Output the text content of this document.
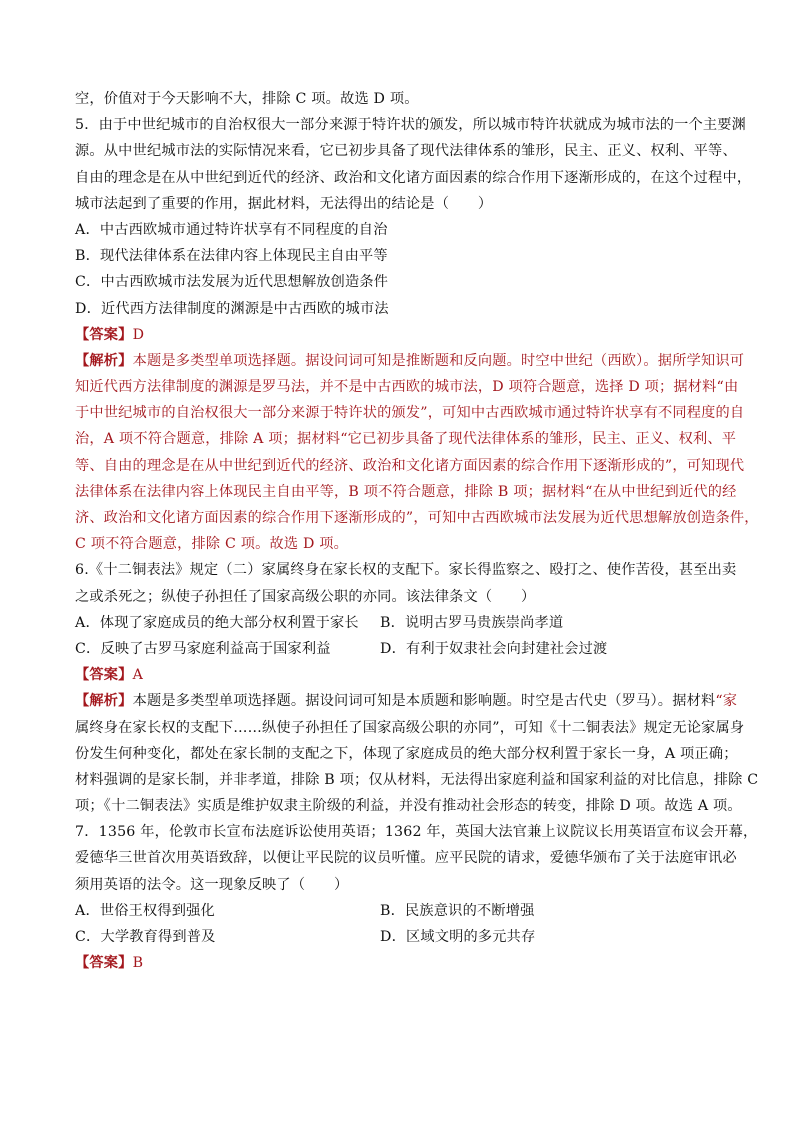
空，价值对于今天影响不大，排除 C 项。故选 D 项。
5．由于中世纪城市的自治权很大一部分来源于特许状的颁发，所以城市特许状就成为城市法的一个主要渊
源。从中世纪城市法的实际情况来看，它已初步具备了现代法律体系的雏形，民主、正义、权利、平等、
自由的理念是在从中世纪到近代的经济、政治和文化诸方面因素的综合作用下逐渐形成的，在这个过程中，
城市法起到了重要的作用，据此材料，无法得出的结论是（　　）
A．中古西欧城市通过特许状享有不同程度的自治
B．现代法律体系在法律内容上体现民主自由平等
C．中古西欧城市法发展为近代思想解放创造条件
D．近代西方法律制度的渊源是中古西欧的城市法
【答案】D
【解析】本题是多类型单项选择题。据设问词可知是推断题和反向题。时空中世纪（西欧）。据所学知识可
知近代西方法律制度的渊源是罗马法，并不是中古西欧的城市法，D 项符合题意，选择 D 项；据材料“由
于中世纪城市的自治权很大一部分来源于特许状的颁发”，可知中古西欧城市通过特许状享有不同程度的自
治，A 项不符合题意，排除 A 项；据材料“它已初步具备了现代法律体系的雏形，民主、正义、权利、平
等、自由的理念是在从中世纪到近代的经济、政治和文化诸方面因素的综合作用下逐渐形成的”，可知现代
法律体系在法律内容上体现民主自由平等，B 项不符合题意，排除 B 项；据材料“在从中世纪到近代的经
济、政治和文化诸方面因素的综合作用下逐渐形成的”，可知中古西欧城市法发展为近代思想解放创造条件，
C 项不符合题意，排除 C 项。故选 D 项。
6.《十二铜表法》规定（二）家属终身在家长权的支配下。家长得监察之、殴打之、使作苦役，甚至出卖
之或杀死之；纵使子孙担任了国家高级公职的亦同。该法律条文（　　）
A．体现了家庭成员的绝大部分权利置于家长	B．说明古罗马贵族崇尚孝道
C．反映了古罗马家庭利益高于国家利益	D．有利于奴隶社会向封建社会过渡
【答案】A
【解析】本题是多类型单项选择题。据设问词可知是本质题和影响题。时空是古代史（罗马）。据材料“家
属终身在家长权的支配下……纵使子孙担任了国家高级公职的亦同”，可知《十二铜表法》规定无论家属身
份发生何种变化，都处在家长制的支配之下，体现了家庭成员的绝大部分权利置于家长一身，A 项正确；
材料强调的是家长制，并非孝道，排除 B 项；仅从材料，无法得出家庭利益和国家利益的对比信息，排除 C
项；《十二铜表法》实质是维护奴隶主阶级的利益，并没有推动社会形态的转变，排除 D 项。故选 A 项。
7．1356 年，伦敦市长宣布法庭诉讼使用英语；1362 年，英国大法官兼上议院议长用英语宣布议会开幕，
爱德华三世首次用英语致辞，以便让平民院的议员听懂。应平民院的请求，爱德华颁布了关于法庭审讯必
须用英语的法令。这一现象反映了（　　）
A．世俗王权得到强化	B．民族意识的不断增强
C．大学教育得到普及	D．区域文明的多元共存
【答案】B
